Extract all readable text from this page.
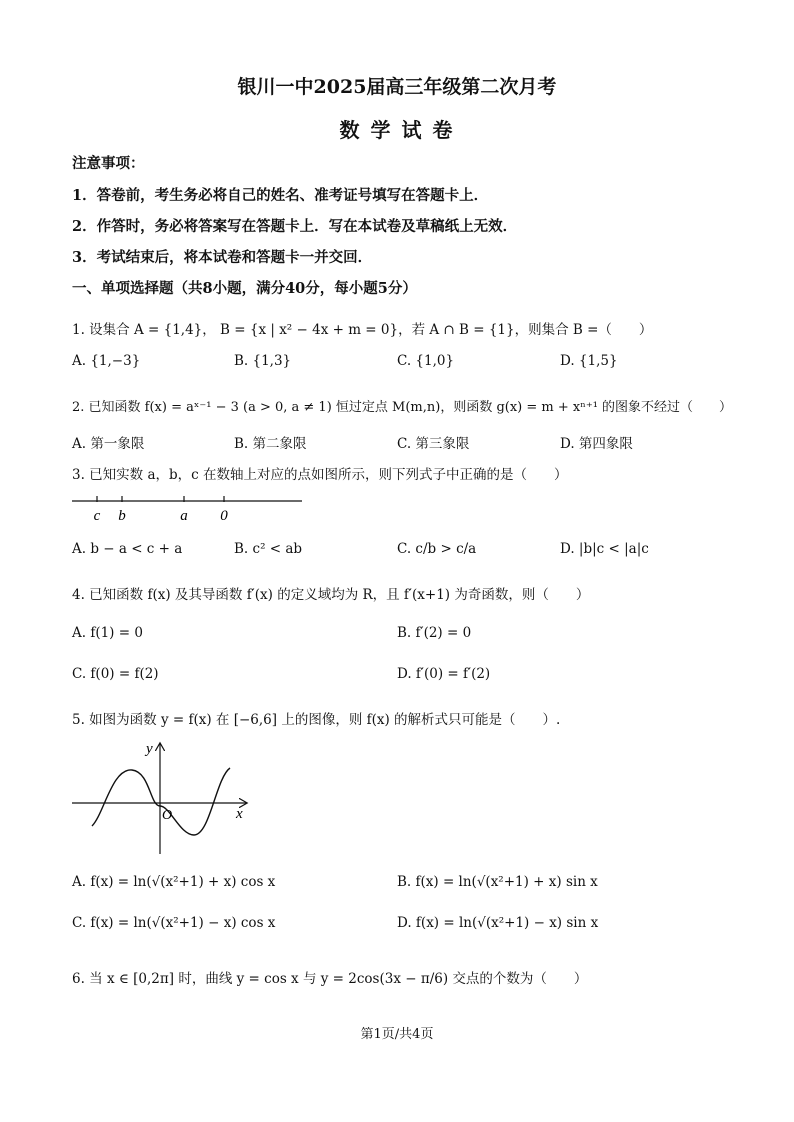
银川一中2025届高三年级第二次月考
数 学 试 卷
注意事项：
1．答卷前，考生务必将自己的姓名、准考证号填写在答题卡上．
2．作答时，务必将答案写在答题卡上．写在本试卷及草稿纸上无效．
3．考试结束后，将本试卷和答题卡一并交回．
一、单项选择题（共8小题，满分40分，每小题5分）
1. 设集合 A = {1,4}， B = {x | x² − 4x + m = 0}，若 A ∩ B = {1}，则集合 B =（　　）
A. {1,−3}	B. {1,3}	C. {1,0}	D. {1,5}
2. 已知函数 f(x) = aˣ⁻¹ − 3 (a > 0, a ≠ 1) 恒过定点 M(m,n)，则函数 g(x) = m + xⁿ⁺¹ 的图象不经过（　　）
A. 第一象限	B. 第二象限	C. 第三象限	D. 第四象限
3. 已知实数 a，b，c 在数轴上对应的点如图所示，则下列式子中正确的是（　　）
c b	a 0
A. b − a < c + a	B. c² < ab	C. c/b > c/a	D. |b|c < |a|c
4. 已知函数 f(x) 及其导函数 f′(x) 的定义域均为 R，且 f′(x+1) 为奇函数，则（　　）
A. f(1) = 0	B. f′(2) = 0
C. f(0) = f(2)	D. f′(0) = f′(2)
5. 如图为函数 y = f(x) 在 [−6,6] 上的图像，则 f(x) 的解析式只可能是（　　）.
y
x
O
A. f(x) = ln(√(x²+1) + x) cos x	B. f(x) = ln(√(x²+1) + x) sin x
C. f(x) = ln(√(x²+1) − x) cos x	D. f(x) = ln(√(x²+1) − x) sin x
6. 当 x ∈ [0,2π] 时，曲线 y = cos x 与 y = 2cos(3x − π/6) 交点的个数为（　　）
第1页/共4页
